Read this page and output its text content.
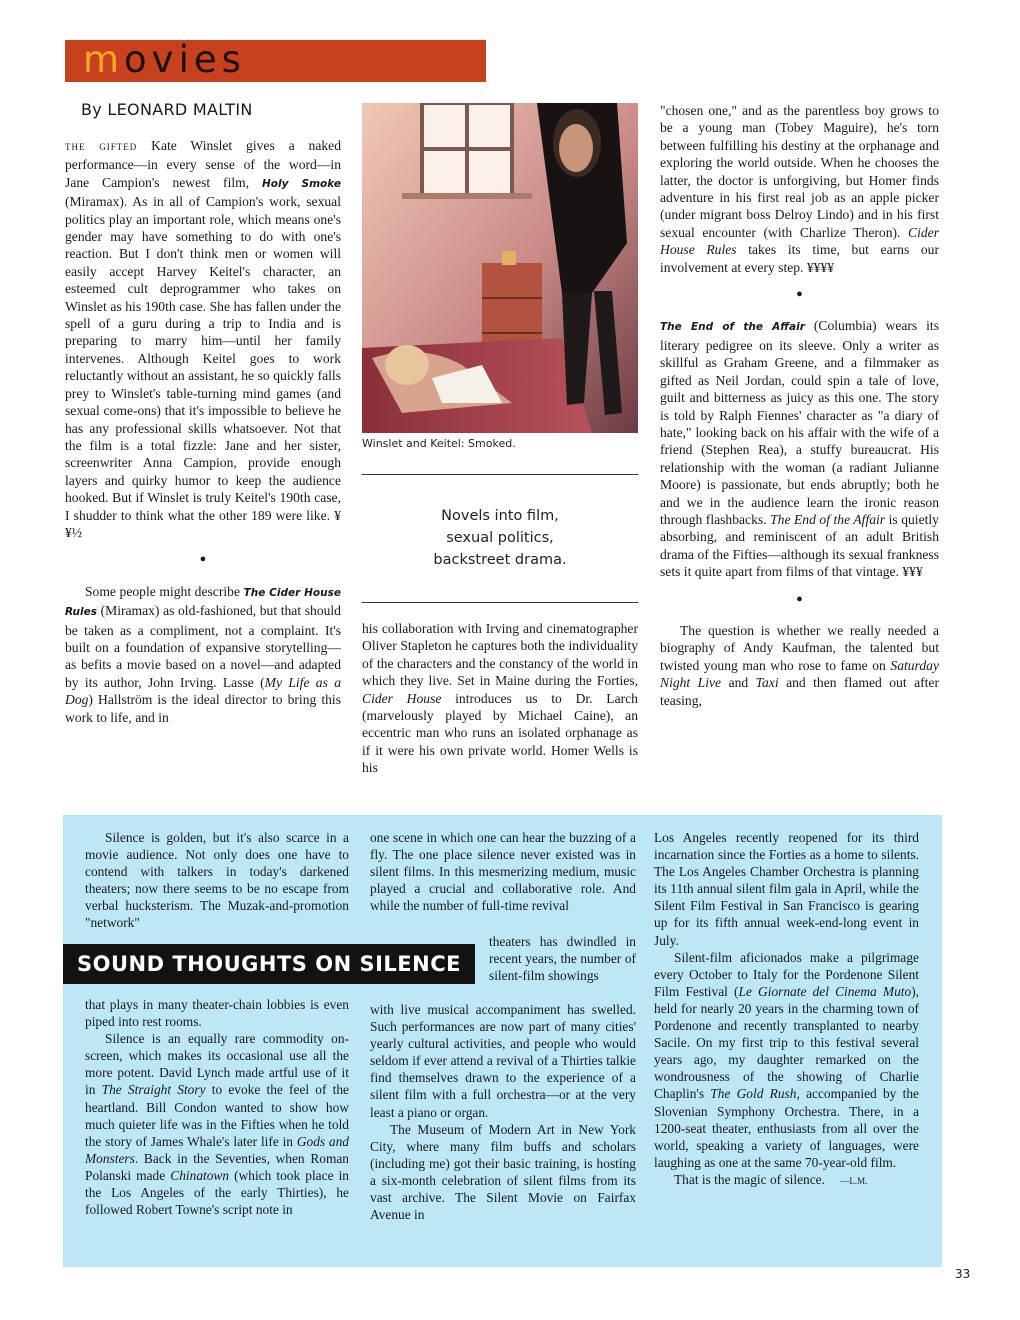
movies
By LEONARD MALTIN

THE GIFTED Kate Winslet gives a naked performance—in every sense of the word—in Jane Campion's newest film, Holy Smoke (Miramax). As in all of Campion's work, sexual politics play an important role, which means one's gender may have something to do with one's reaction. But I don't think men or women will easily accept Harvey Keitel's character, an esteemed cult deprogrammer who takes on Winslet as his 190th case. She has fallen under the spell of a guru during a trip to India and is preparing to marry him—until her family intervenes. Although Keitel goes to work reluctantly without an assistant, he so quickly falls prey to Winslet's table-turning mind games (and sexual come-ons) that it's impossible to believe he has any professional skills whatsoever. Not that the film is a total fizzle: Jane and her sister, screenwriter Anna Campion, provide enough layers and quirky humor to keep the audience hooked. But if Winslet is truly Keitel's 190th case, I shudder to think what the other 189 were like. ¥¥½

●

Some people might describe The Cider House Rules (Miramax) as old-fashioned, but that should be taken as a compliment, not a complaint. It's built on a foundation of expansive storytelling—as befits a movie based on a novel—and adapted by its author, John Irving. Lasse (My Life as a Dog) Hallström is the ideal director to bring this work to life, and in

Winslet and Keitel: Smoked.
Novels into film,
sexual politics,
backstreet drama.

his collaboration with Irving and cinematographer Oliver Stapleton he captures both the individuality of the characters and the constancy of the world in which they live. Set in Maine during the Forties, Cider House introduces us to Dr. Larch (marvelously played by Michael Caine), an eccentric man who runs an isolated orphanage as if it were his own private world. Homer Wells is his

"chosen one," and as the parentless boy grows to be a young man (Tobey Maguire), he's torn between fulfilling his destiny at the orphanage and exploring the world outside. When he chooses the latter, the doctor is unforgiving, but Homer finds adventure in his first real job as an apple picker (under migrant boss Delroy Lindo) and in his first sexual encounter (with Charlize Theron). Cider House Rules takes its time, but earns our involvement at every step. ¥¥¥¥

●

The End of the Affair (Columbia) wears its literary pedigree on its sleeve. Only a writer as skillful as Graham Greene, and a filmmaker as gifted as Neil Jordan, could spin a tale of love, guilt and bitterness as juicy as this one. The story is told by Ralph Fiennes' character as "a diary of hate," looking back on his affair with the wife of a friend (Stephen Rea), a stuffy bureaucrat. His relationship with the woman (a radiant Julianne Moore) is passionate, but ends abruptly; both he and we in the audience learn the ironic reason through flashbacks. The End of the Affair is quietly absorbing, and reminiscent of an adult British drama of the Fifties—although its sexual frankness sets it quite apart from films of that vintage. ¥¥¥

●

The question is whether we really needed a biography of Andy Kaufman, the talented but twisted young man who rose to fame on Saturday Night Live and Taxi and then flamed out after teasing,

SOUND THOUGHTS ON SILENCE

Silence is golden, but it's also scarce in a movie audience. Not only does one have to contend with talkers in today's darkened theaters; now there seems to be no escape from verbal hucksterism. The Muzak-and-promotion "network"

that plays in many theater-chain lobbies is even piped into rest rooms.

Silence is an equally rare commodity on-screen, which makes its occasional use all the more potent. David Lynch made artful use of it in The Straight Story to evoke the feel of the heartland. Bill Condon wanted to show how much quieter life was in the Fifties when he told the story of James Whale's later life in Gods and Monsters. Back in the Seventies, when Roman Polanski made Chinatown (which took place in the Los Angeles of the early Thirties), he followed Robert Towne's script note in

one scene in which one can hear the buzzing of a fly. The one place silence never existed was in silent films. In this mesmerizing medium, music played a crucial and collaborative role. And while the number of full-time revival

theaters has dwindled in recent years, the number of silent-film showings

with live musical accompaniment has swelled. Such performances are now part of many cities' yearly cultural activities, and people who would seldom if ever attend a revival of a Thirties talkie find themselves drawn to the experience of a silent film with a full orchestra—or at the very least a piano or organ.

The Museum of Modern Art in New York City, where many film buffs and scholars (including me) got their basic training, is hosting a six-month celebration of silent films from its vast archive. The Silent Movie on Fairfax Avenue in

Los Angeles recently reopened for its third incarnation since the Forties as a home to silents. The Los Angeles Chamber Orchestra is planning its 11th annual silent film gala in April, while the Silent Film Festival in San Francisco is gearing up for its fifth annual week-end-long event in July.

Silent-film aficionados make a pilgrimage every October to Italy for the Pordenone Silent Film Festival (Le Giornate del Cinema Muto), held for nearly 20 years in the charming town of Pordenone and recently transplanted to nearby Sacile. On my first trip to this festival several years ago, my daughter remarked on the wondrousness of the showing of Charlie Chaplin's The Gold Rush, accompanied by the Slovenian Symphony Orchestra. There, in a 1200-seat theater, enthusiasts from all over the world, speaking a variety of languages, were laughing as one at the same 70-year-old film.

That is the magic of silence. —L.M.

33
